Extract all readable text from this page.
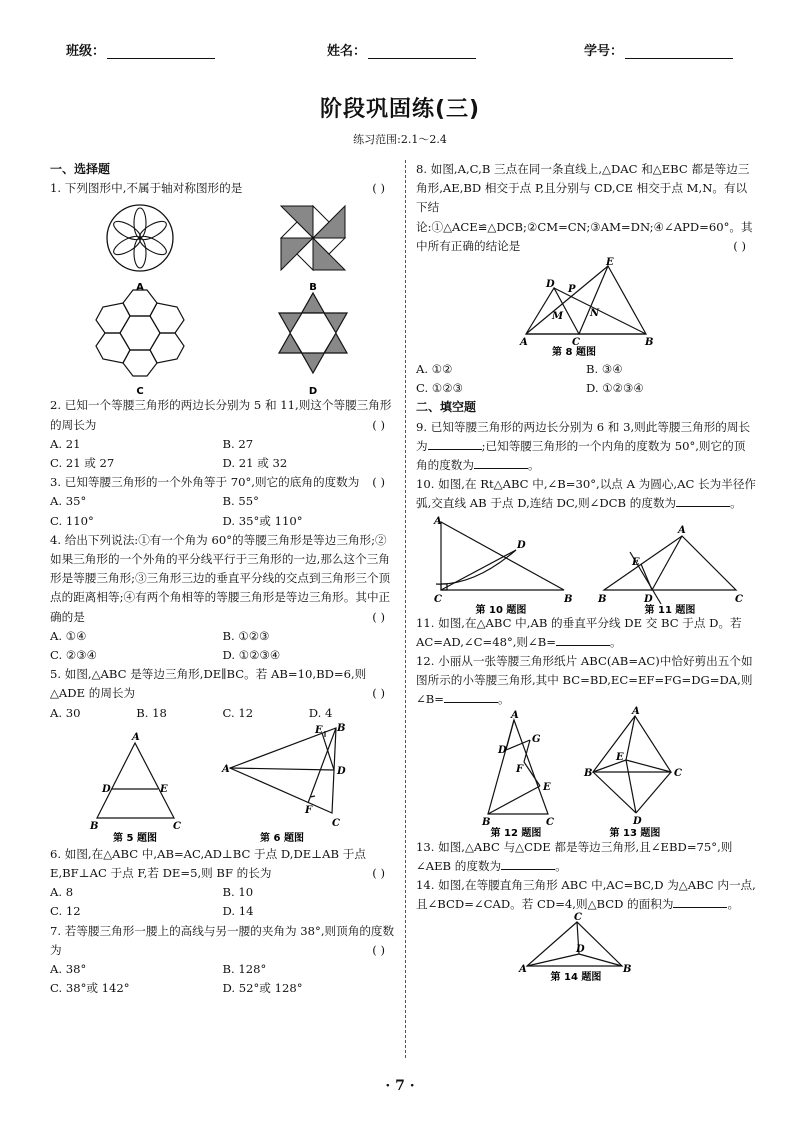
班级：	姓名：	学号：
阶段巩固练(三)
练习范围:2.1～2.4
一、选择题
1. 下列图形中,不属于轴对称图形的是	( )
A	B
C	D
2. 已知一个等腰三角形的两边长分别为 5 和 11,则这个等腰三角形的周长为	( )
A. 21	B. 27
C. 21 或 27	D. 21 或 32
3. 已知等腰三角形的一个外角等于 70°,则它的底角的度数为 ( )
A. 35°	B. 55°
C. 110°	D. 35°或 110°
4. 给出下列说法:①有一个角为 60°的等腰三角形是等边三角形;②如果三角形的一个外角的平分线平行于三角形的一边,那么这个三角形是等腰三角形;③三角形三边的垂直平分线的交点到三角形三个顶点的距离相等;④有两个角相等的等腰三角形是等边三角形。其中正确的是	( )
A. ①④	B. ①②③
C. ②③④	D. ①②③④
5. 如图,△ABC 是等边三角形,DE∥BC。若 AB=10,BD=6,则△ADE 的周长为	( )
A. 30	B. 18	C. 12	D. 4
A
D	E
B	C
第 5 题图
A
B
E
D
F
C
第 6 题图
6. 如图,在△ABC 中,AB=AC,AD⊥BC 于点 D,DE⊥AB 于点 E,BF⊥AC 于点 F,若 DE=5,则 BF 的长为	( )
A. 8	B. 10
C. 12	D. 14
7. 若等腰三角形一腰上的高线与另一腰的夹角为 38°,则顶角的度数为	( )
A. 38°	B. 128°
C. 38°或 142°	D. 52°或 128°
8. 如图,A,C,B 三点在同一条直线上,△DAC 和△EBC 都是等边三角形,AE,BD 相交于点 P,且分别与 CD,CE 相交于点 M,N。有以下结论:①△ACE≌△DCB;②CM=CN;③AM=DN;④∠APD=60°。其中所有正确的结论是	( )
A	C	B
D
E
P
M	N
第 8 题图
A. ①②	B. ③④
C. ①②③	D. ①②③④
二、填空题
9. 已知等腰三角形的两边长分别为 6 和 3,则此等腰三角形的周长为	;已知等腰三角形的一个内角的度数为 50°,则它的顶角的度数为	。
10. 如图,在 Rt△ABC 中,∠B=30°,以点 A 为圆心,AC 长为半径作弧,交直线 AB 于点 D,连结 DC,则∠DCB 的度数为	。
A
D
C	B
第 10 题图
A
E
B	D	C
第 11 题图
11. 如图,在△ABC 中,AB 的垂直平分线 DE 交 BC 于点 D。若 AC=AD,∠C=48°,则∠B=	。
12. 小丽从一张等腰三角形纸片 ABC(AB=AC)中恰好剪出五个如图所示的小等腰三角形,其中 BC=BD,EC=EF=FG=DG=DA,则∠B=	。
A
D
G
F
E
B	C
第 12 题图
A
E
B	C
D
第 13 题图
13. 如图,△ABC 与△CDE 都是等边三角形,且∠EBD=75°,则∠AEB 的度数为	。
14. 如图,在等腰直角三角形 ABC 中,AC=BC,D 为△ABC 内一点,且∠BCD=∠CAD。若 CD=4,则△BCD 的面积为	。
C
D
A	B
第 14 题图
· 7 ·
